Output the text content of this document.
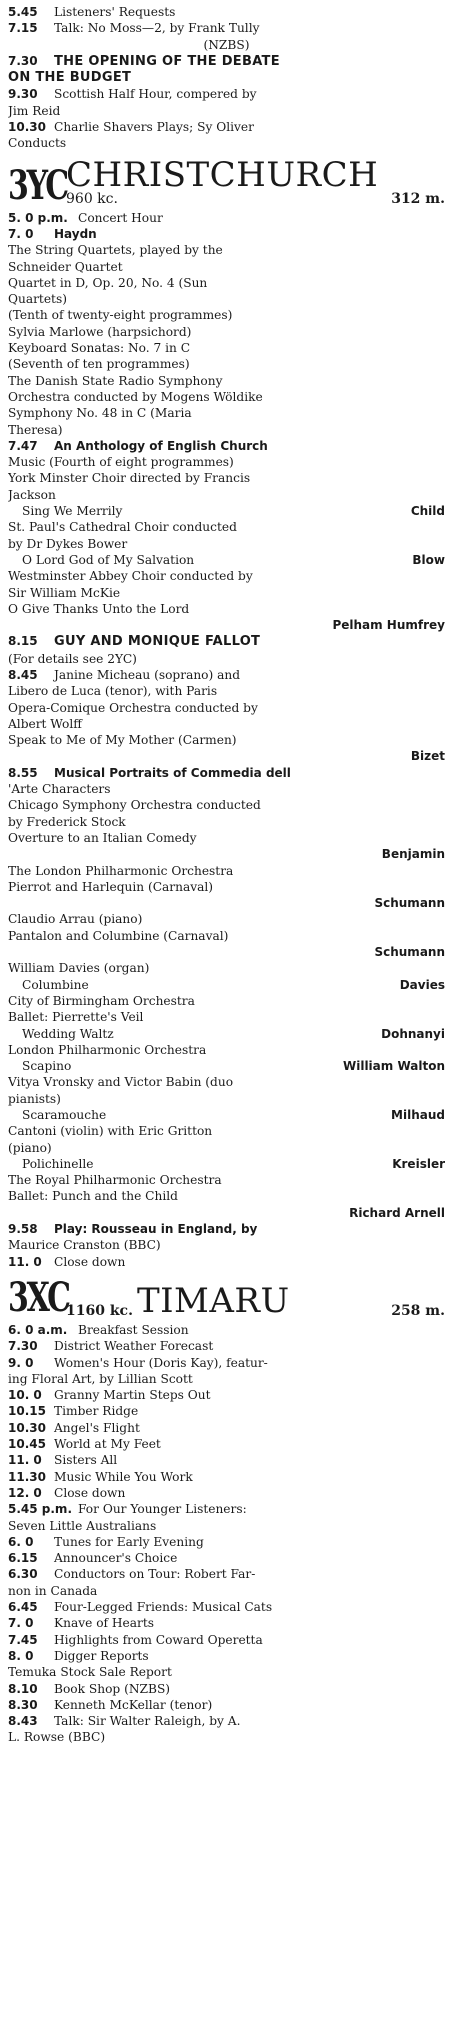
5.45 Listeners' Requests
7.15 Talk: No Moss—2, by Frank Tully
(NZBS)
7.30 THE OPENING OF THE DEBATE
ON THE BUDGET
9.30 Scottish Half Hour, compered by
Jim Reid
10.30 Charlie Shavers Plays; Sy Oliver
Conducts
3YC CHRISTCHURCH
960 kc.	312 m.
5. 0 p.m. Concert Hour
7. 0 Haydn
The String Quartets, played by the
Schneider Quartet
Quartet in D, Op. 20, No. 4 (Sun
Quartets)
(Tenth of twenty-eight programmes)
Sylvia Marlowe (harpsichord)
Keyboard Sonatas: No. 7 in C
(Seventh of ten programmes)
The Danish State Radio Symphony
Orchestra conducted by Mogens Wöldike
Symphony No. 48 in C (Maria
Theresa)
7.47 An Anthology of English Church
Music (Fourth of eight programmes)
York Minster Choir directed by Francis
Jackson
Sing We Merrily	Child
St. Paul's Cathedral Choir conducted
by Dr Dykes Bower
O Lord God of My Salvation	Blow
Westminster Abbey Choir conducted by
Sir William McKie
O Give Thanks Unto the Lord
Pelham Humfrey
8.15 GUY AND MONIQUE FALLOT
(For details see 2YC)
8.45 Janine Micheau (soprano) and
Libero de Luca (tenor), with Paris
Opera-Comique Orchestra conducted by
Albert Wolff
Speak to Me of My Mother (Carmen)
Bizet
8.55 Musical Portraits of Commedia dell
'Arte Characters
Chicago Symphony Orchestra conducted
by Frederick Stock
Overture to an Italian Comedy
Benjamin
The London Philharmonic Orchestra
Pierrot and Harlequin (Carnaval)
Schumann
Claudio Arrau (piano)
Pantalon and Columbine (Carnaval)
Schumann
William Davies (organ)
Columbine	Davies
City of Birmingham Orchestra
Ballet: Pierrette's Veil
Wedding Waltz	Dohnanyi
London Philharmonic Orchestra
Scapino	William Walton
Vitya Vronsky and Victor Babin (duo
pianists)
Scaramouche	Milhaud
Cantoni (violin) with Eric Gritton
(piano)
Polichinelle	Kreisler
The Royal Philharmonic Orchestra
Ballet: Punch and the Child
Richard Arnell
9.58 Play: Rousseau in England, by
Maurice Cranston (BBC)
11. 0 Close down
3XC
1160 kc. TIMARU	258 m.
6. 0 a.m. Breakfast Session
7.30 District Weather Forecast
9. 0 Women's Hour (Doris Kay), featur-
ing Floral Art, by Lillian Scott
10. 0 Granny Martin Steps Out
10.15 Timber Ridge
10.30 Angel's Flight
10.45 World at My Feet
11. 0 Sisters All
11.30 Music While You Work
12. 0 Close down
5.45 p.m. For Our Younger Listeners:
Seven Little Australians
6. 0 Tunes for Early Evening
6.15 Announcer's Choice
6.30 Conductors on Tour: Robert Far-
non in Canada
6.45 Four-Legged Friends: Musical Cats
7. 0 Knave of Hearts
7.45 Highlights from Coward Operetta
8. 0 Digger Reports
Temuka Stock Sale Report
8.10 Book Shop (NZBS)
8.30 Kenneth McKellar (tenor)
8.43 Talk: Sir Walter Raleigh, by A.
L. Rowse (BBC)
